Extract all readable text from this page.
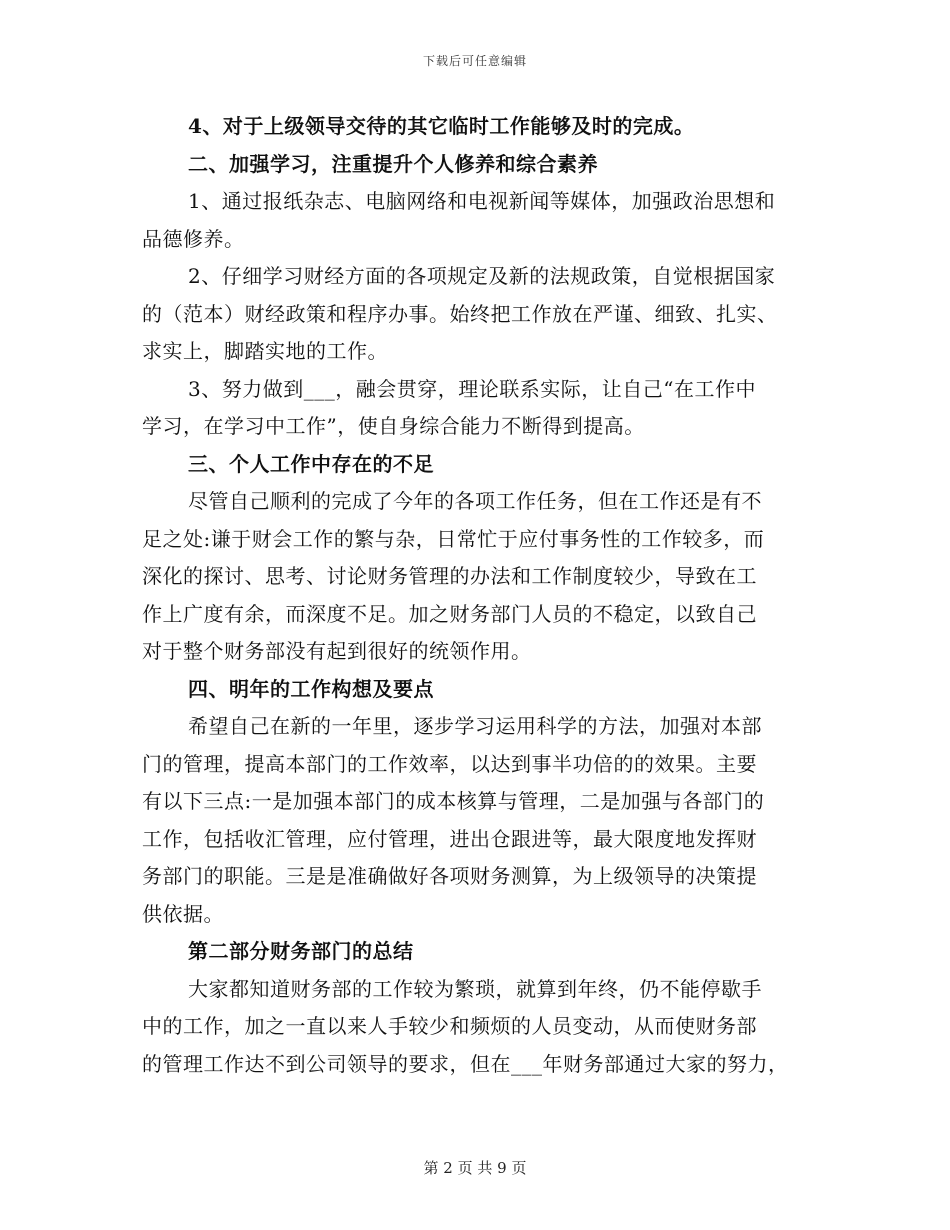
下载后可任意编辑
4、对于上级领导交待的其它临时工作能够及时的完成。
二、加强学习，注重提升个人修养和综合素养
1、通过报纸杂志、电脑网络和电视新闻等媒体，加强政治思想和
品德修养。
2、仔细学习财经方面的各项规定及新的法规政策，自觉根据国家
的（范本）财经政策和程序办事。始终把工作放在严谨、细致、扎实、
求实上，脚踏实地的工作。
3、努力做到___，融会贯穿，理论联系实际，让自己“在工作中
学习，在学习中工作”，使自身综合能力不断得到提高。
三、个人工作中存在的不足
尽管自己顺利的完成了今年的各项工作任务，但在工作还是有不
足之处:谦于财会工作的繁与杂，日常忙于应付事务性的工作较多，而
深化的探讨、思考、讨论财务管理的办法和工作制度较少，导致在工
作上广度有余，而深度不足。加之财务部门人员的不稳定，以致自己
对于整个财务部没有起到很好的统领作用。
四、明年的工作构想及要点
希望自己在新的一年里，逐步学习运用科学的方法，加强对本部
门的管理，提高本部门的工作效率，以达到事半功倍的的效果。主要
有以下三点:一是加强本部门的成本核算与管理，二是加强与各部门的
工作，包括收汇管理，应付管理，进出仓跟进等，最大限度地发挥财
务部门的职能。三是是准确做好各项财务测算，为上级领导的决策提
供依据。
第二部分财务部门的总结
大家都知道财务部的工作较为繁琐，就算到年终，仍不能停歇手
中的工作，加之一直以来人手较少和频烦的人员变动，从而使财务部
的管理工作达不到公司领导的要求，但在___年财务部通过大家的努力，
第 2 页 共 9 页
